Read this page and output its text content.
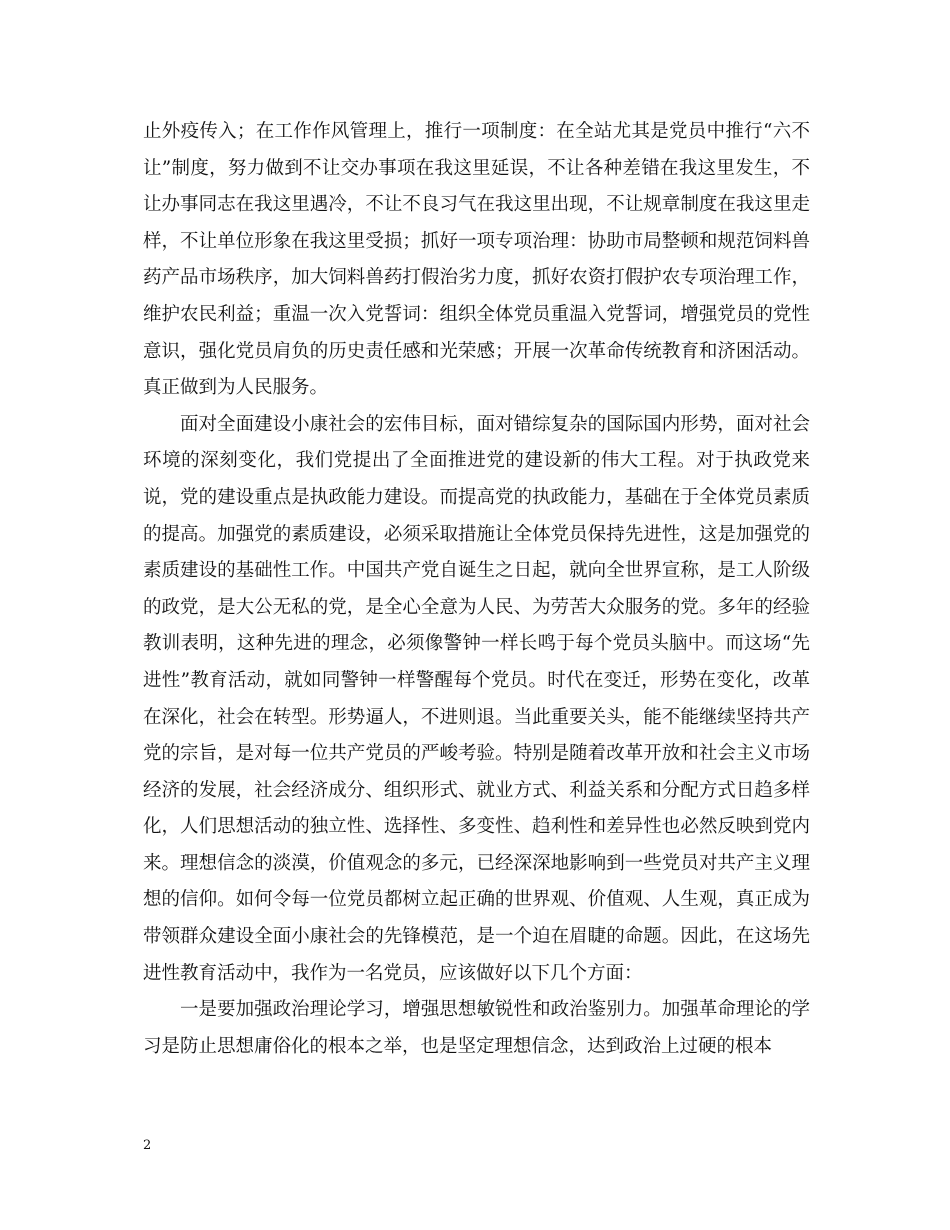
止外疫传入；在工作作风管理上，推行一项制度：在全站尤其是党员中推行“六不让”制度，努力做到不让交办事项在我这里延误，不让各种差错在我这里发生，不让办事同志在我这里遇冷，不让不良习气在我这里出现，不让规章制度在我这里走样，不让单位形象在我这里受损；抓好一项专项治理：协助市局整顿和规范饲料兽药产品市场秩序，加大饲料兽药打假治劣力度，抓好农资打假护农专项治理工作，维护农民利益；重温一次入党誓词：组织全体党员重温入党誓词，增强党员的党性意识，强化党员肩负的历史责任感和光荣感；开展一次革命传统教育和济困活动。真正做到为人民服务。

面对全面建设小康社会的宏伟目标，面对错综复杂的国际国内形势，面对社会环境的深刻变化，我们党提出了全面推进党的建设新的伟大工程。对于执政党来说，党的建设重点是执政能力建设。而提高党的执政能力，基础在于全体党员素质的提高。加强党的素质建设，必须采取措施让全体党员保持先进性，这是加强党的素质建设的基础性工作。中国共产党自诞生之日起，就向全世界宣称，是工人阶级的政党，是大公无私的党，是全心全意为人民、为劳苦大众服务的党。多年的经验教训表明，这种先进的理念，必须像警钟一样长鸣于每个党员头脑中。而这场“先进性”教育活动，就如同警钟一样警醒每个党员。时代在变迁，形势在变化，改革在深化，社会在转型。形势逼人，不进则退。当此重要关头，能不能继续坚持共产党的宗旨，是对每一位共产党员的严峻考验。特别是随着改革开放和社会主义市场经济的发展，社会经济成分、组织形式、就业方式、利益关系和分配方式日趋多样化，人们思想活动的独立性、选择性、多变性、趋利性和差异性也必然反映到党内来。理想信念的淡漠，价值观念的多元，已经深深地影响到一些党员对共产主义理想的信仰。如何令每一位党员都树立起正确的世界观、价值观、人生观，真正成为带领群众建设全面小康社会的先锋模范，是一个迫在眉睫的命题。因此，在这场先进性教育活动中，我作为一名党员，应该做好以下几个方面：

一是要加强政治理论学习，增强思想敏锐性和政治鉴别力。加强革命理论的学习是防止思想庸俗化的根本之举，也是坚定理想信念，达到政治上过硬的根本

2
